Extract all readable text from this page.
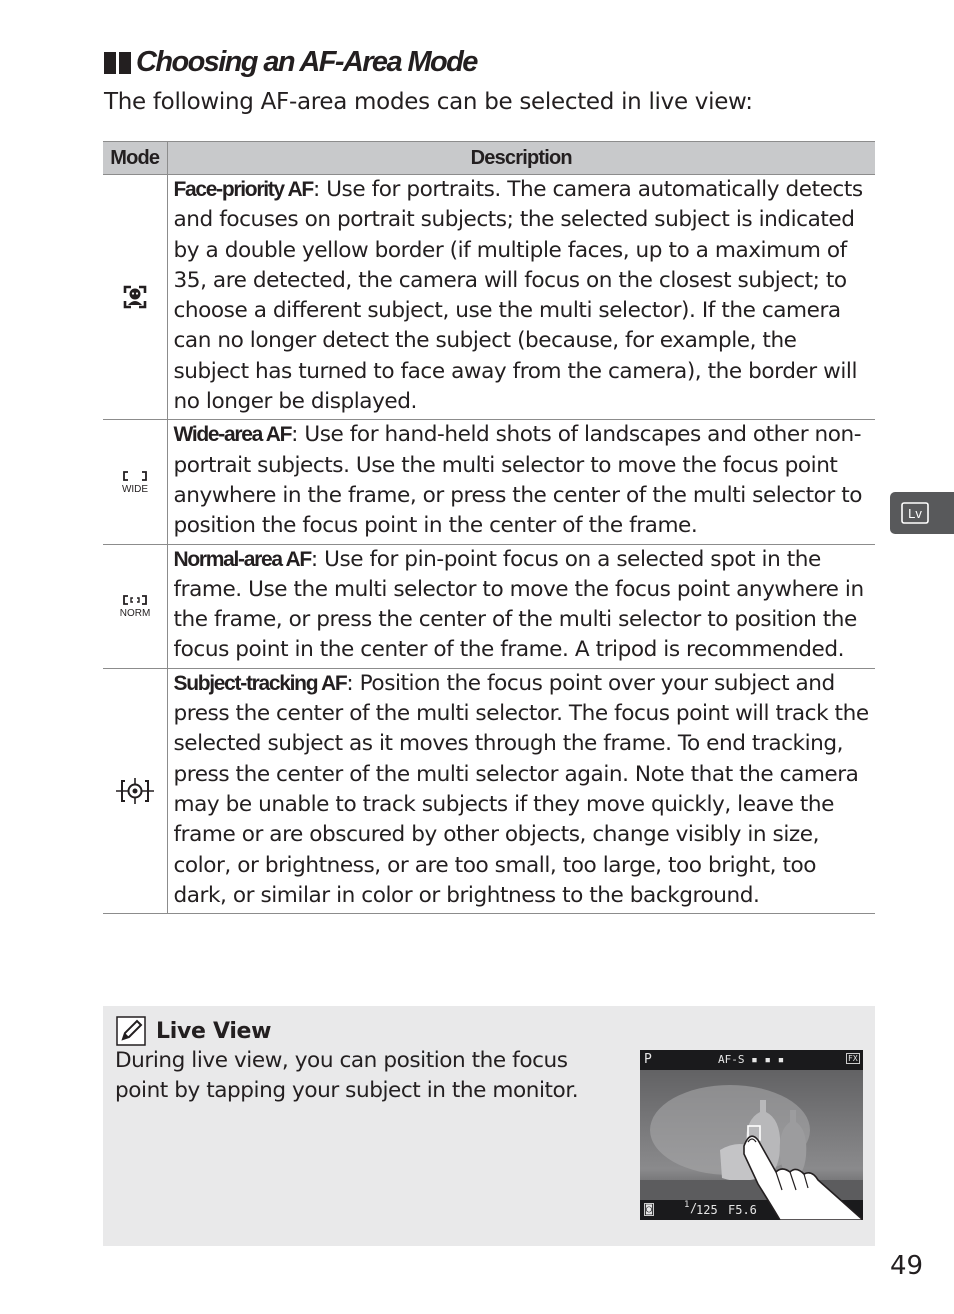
Choosing an AF-Area Mode
The following AF-area modes can be selected in live view:
Mode	Description
	Face-priority AF: Use for portraits. The camera automatically detects and focuses on portrait subjects; the selected subject is indicated by a double yellow border (if multiple faces, up to a maximum of 35, are detected, the camera will focus on the closest subject; to choose a different subject, use the multi selector). If the camera can no longer detect the subject (because, for example, the subject has turned to face away from the camera), the border will no longer be displayed.

WIDE	Wide-area AF: Use for hand-held shots of landscapes and other non-portrait subjects. Use the multi selector to move the focus point anywhere in the frame, or press the center of the multi selector to position the focus point in the center of the frame.

NORM	Normal-area AF: Use for pin-point focus on a selected spot in the frame. Use the multi selector to move the focus point anywhere in the frame, or press the center of the multi selector to position the focus point in the center of the frame. A tripod is recommended.
	Subject-tracking AF: Position the focus point over your subject and press the center of the multi selector. The focus point will track the selected subject as it moves through the frame. To end tracking, press the center of the multi selector again. Note that the camera may be unable to track subjects if they move quickly, leave the frame or are obscured by other objects, change visibly in size, color, or brightness, or are too small, too large, too bright, too dark, or similar in color or brightness to the background.
Live View
During live view, you can position the focus point by tapping your subject in the monitor.
P	AF-S ▪ ▪ ▪	FX
◙	1 /
125 F5.6
Lv
49
